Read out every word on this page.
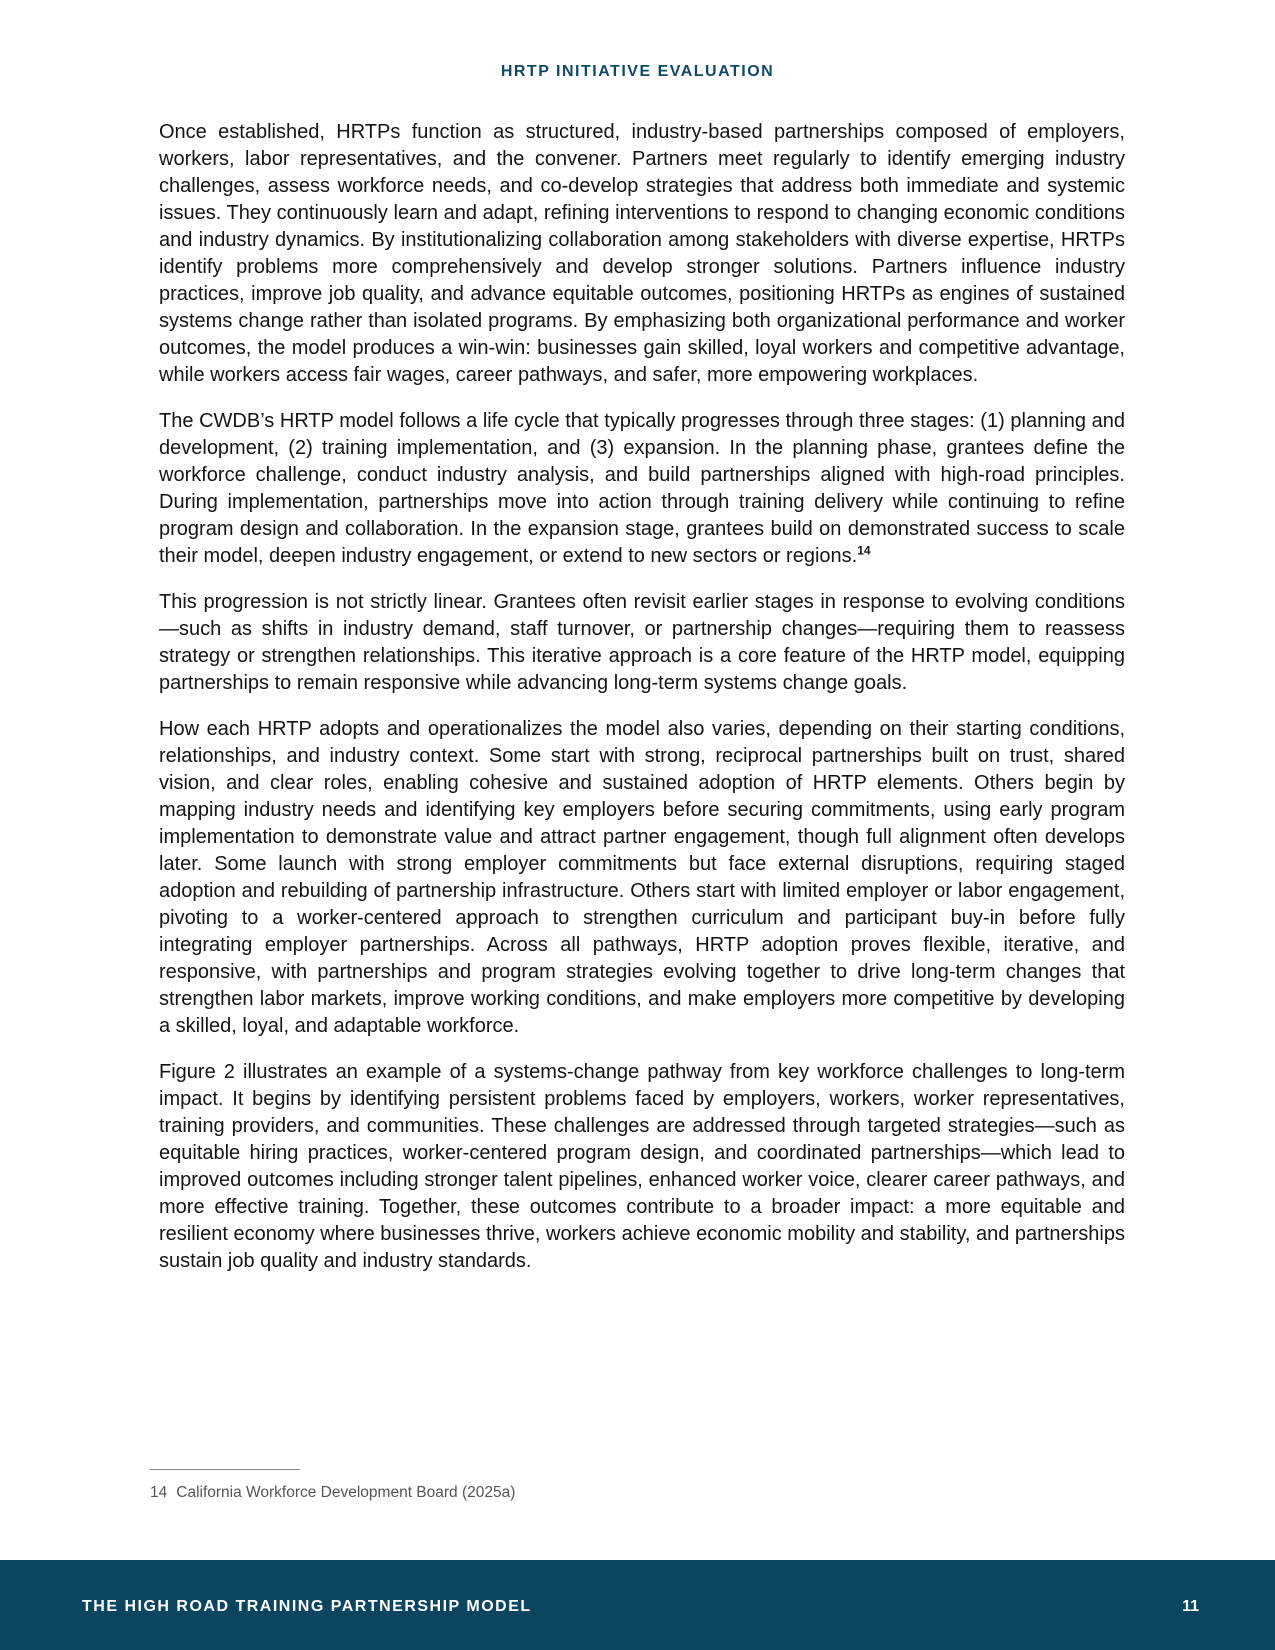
HRTP INITIATIVE EVALUATION

Once established, HRTPs function as structured, industry-based partnerships composed of employers, workers, labor representatives, and the convener. Partners meet regularly to identify emerging industry challenges, assess workforce needs, and co-develop strategies that address both immediate and systemic issues. They continuously learn and adapt, refining interventions to respond to changing economic conditions and industry dynamics. By institutionalizing collaboration among stakeholders with diverse expertise, HRTPs identify problems more comprehensively and develop stronger solutions. Partners influence industry practices, improve job quality, and advance equitable outcomes, positioning HRTPs as engines of sustained systems change rather than isolated programs. By emphasizing both organizational performance and worker outcomes, the model produces a win-win: businesses gain skilled, loyal workers and competitive advantage, while workers access fair wages, career pathways, and safer, more empowering workplaces.

The CWDB’s HRTP model follows a life cycle that typically progresses through three stages: (1) planning and development, (2) training implementation, and (3) expansion. In the planning phase, grantees define the workforce challenge, conduct industry analysis, and build partnerships aligned with high-road principles. During implementation, partnerships move into action through training delivery while continuing to refine program design and collaboration. In the expansion stage, grantees build on demonstrated success to scale their model, deepen industry engagement, or extend to new sectors or regions.$^{14}$

This progression is not strictly linear. Grantees often revisit earlier stages in response to evolving conditions—such as shifts in industry demand, staff turnover, or partnership changes—requiring them to reassess strategy or strengthen relationships. This iterative approach is a core feature of the HRTP model, equipping partnerships to remain responsive while advancing long-term systems change goals.

How each HRTP adopts and operationalizes the model also varies, depending on their starting conditions, relationships, and industry context. Some start with strong, reciprocal partnerships built on trust, shared vision, and clear roles, enabling cohesive and sustained adoption of HRTP elements. Others begin by mapping industry needs and identifying key employers before securing commitments, using early program implementation to demonstrate value and attract partner engagement, though full alignment often develops later. Some launch with strong employer commitments but face external disruptions, requiring staged adoption and rebuilding of partnership infrastructure. Others start with limited employer or labor engagement, pivoting to a worker-centered approach to strengthen curriculum and participant buy-in before fully integrating employer partnerships. Across all pathways, HRTP adoption proves flexible, iterative, and responsive, with partnerships and program strategies evolving together to drive long-term changes that strengthen labor markets, improve working conditions, and make employers more competitive by developing a skilled, loyal, and adaptable workforce.

Figure 2 illustrates an example of a systems-change pathway from key workforce challenges to long-term impact. It begins by identifying persistent problems faced by employers, workers, worker representatives, training providers, and communities. These challenges are addressed through targeted strategies—such as equitable hiring practices, worker-centered program design, and coordinated partnerships—which lead to improved outcomes including stronger talent pipelines, enhanced worker voice, clearer career pathways, and more effective training. Together, these outcomes contribute to a broader impact: a more equitable and resilient economy where businesses thrive, workers achieve economic mobility and stability, and partnerships sustain job quality and industry standards.

14 California Workforce Development Board (2025a)
THE HIGH ROAD TRAINING PARTNERSHIP MODEL	11
